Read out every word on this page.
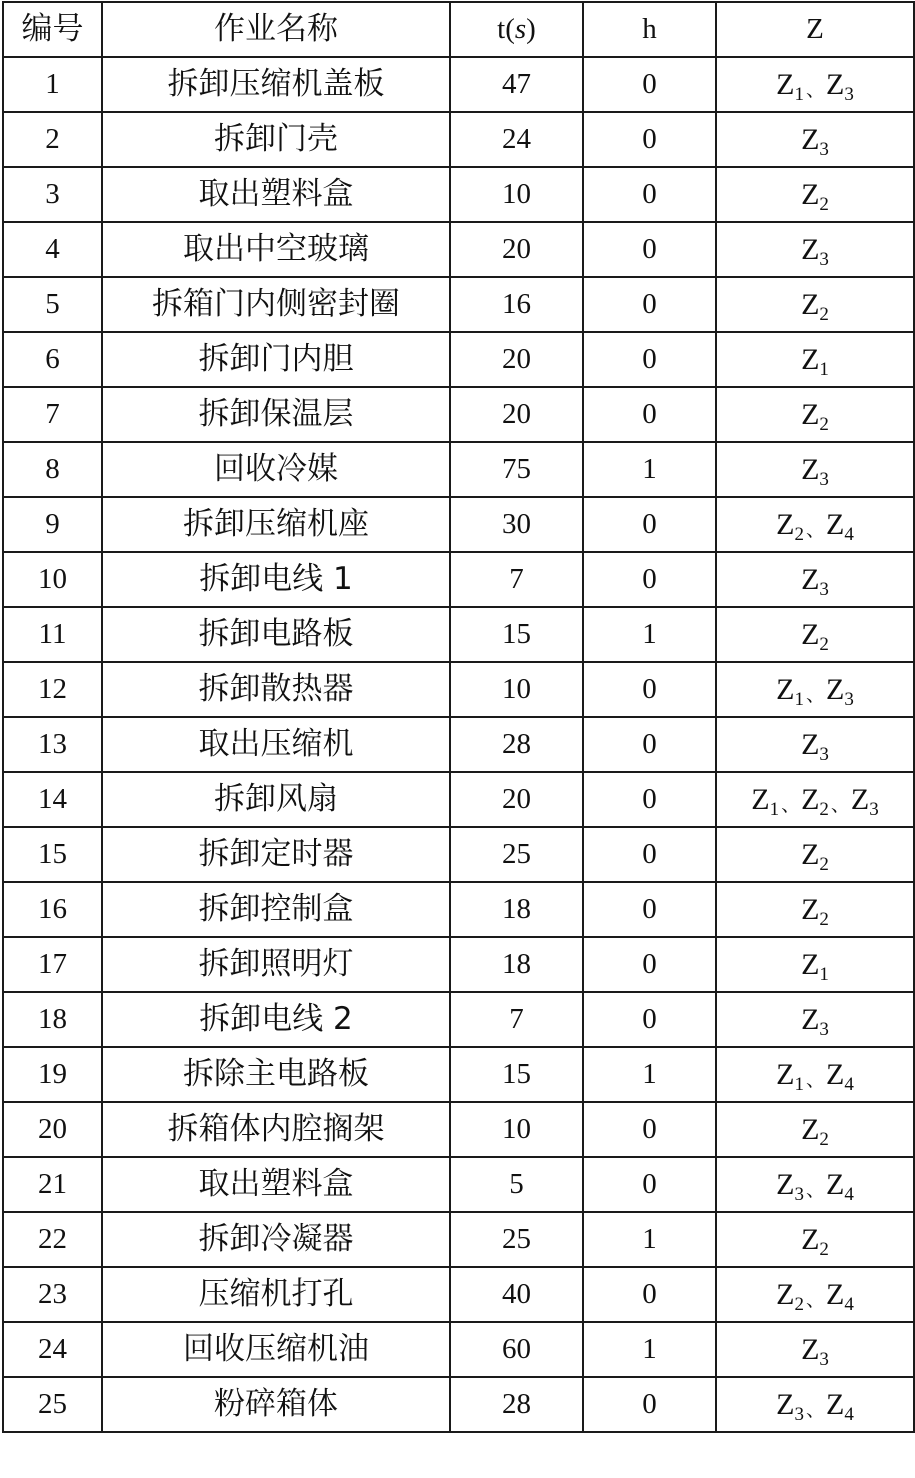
编号	作业名称	t(s)	h	Z
1	拆卸压缩机盖板	47	0	$Z_1$ 、$Z_3$
2	拆卸门壳	24	0	$Z_3$
3	取出塑料盒	10	0	$Z_2$
4	取出中空玻璃	20	0	$Z_3$
5	拆箱门内侧密封圈	16	0	$Z_2$
6	拆卸门内胆	20	0	$Z_1$
7	拆卸保温层	20	0	$Z_2$
8	回收冷媒	75	1	$Z_3$
9	拆卸压缩机座	30	0	$Z_2$ 、$Z_4$
10	拆卸电线 1	7	0	$Z_3$
11	拆卸电路板	15	1	$Z_2$
12	拆卸散热器	10	0	$Z_1$ 、$Z_3$
13	取出压缩机	28	0	$Z_3$
14	拆卸风扇	20	0	$Z_1$ 、$Z_2$ 、$Z_3$
15	拆卸定时器	25	0	$Z_2$
16	拆卸控制盒	18	0	$Z_2$
17	拆卸照明灯	18	0	$Z_1$
18	拆卸电线 2	7	0	$Z_3$
19	拆除主电路板	15	1	$Z_1$ 、$Z_4$
20	拆箱体内腔搁架	10	0	$Z_2$
21	取出塑料盒	5	0	$Z_3$ 、$Z_4$
22	拆卸冷凝器	25	1	$Z_2$
23	压缩机打孔	40	0	$Z_2$ 、$Z_4$
24	回收压缩机油	60	1	$Z_3$
25	粉碎箱体	28	0	$Z_3$ 、$Z_4$
